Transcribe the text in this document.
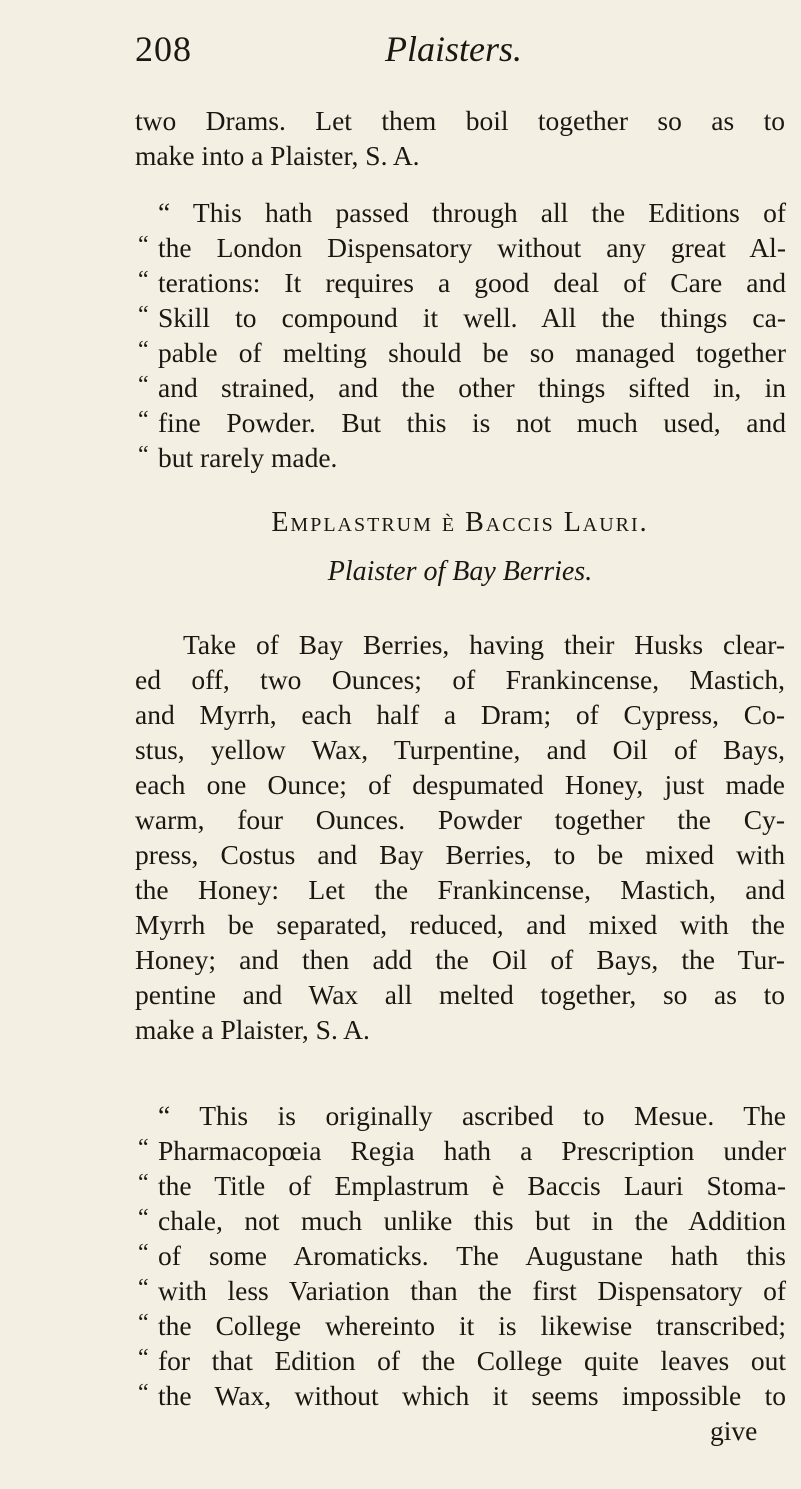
208	Plaisters.
two Drams. Let them boil together so as to
make into a Plaister, S. A.
“ This hath passed through all the Editions of
“ the London Dispensatory without any great Al-
“ terations: It requires a good deal of Care and
“ Skill to compound it well. All the things ca-
“ pable of melting should be so managed together
“ and strained, and the other things sifted in, in
“ fine Powder. But this is not much used, and
“ but rarely made.
Emplastrum è Baccis Lauri.
Plaister of Bay Berries.
Take of Bay Berries, having their Husks clear-
ed off, two Ounces; of Frankincense, Mastich,
and Myrrh, each half a Dram; of Cypress, Co-
stus, yellow Wax, Turpentine, and Oil of Bays,
each one Ounce; of despumated Honey, just made
warm, four Ounces. Powder together the Cy-
press, Costus and Bay Berries, to be mixed with
the Honey: Let the Frankincense, Mastich, and
Myrrh be separated, reduced, and mixed with the
Honey; and then add the Oil of Bays, the Tur-
pentine and Wax all melted together, so as to
make a Plaister, S. A.
“ This is originally ascribed to Mesue. The
“ Pharmacopœia Regia hath a Prescription under
“ the Title of Emplastrum è Baccis Lauri Stoma-
“ chale, not much unlike this but in the Addition
“ of some Aromaticks. The Augustane hath this
“ with less Variation than the first Dispensatory of
“ the College whereinto it is likewise transcribed;
“ for that Edition of the College quite leaves out
“ the Wax, without which it seems impossible to
give
